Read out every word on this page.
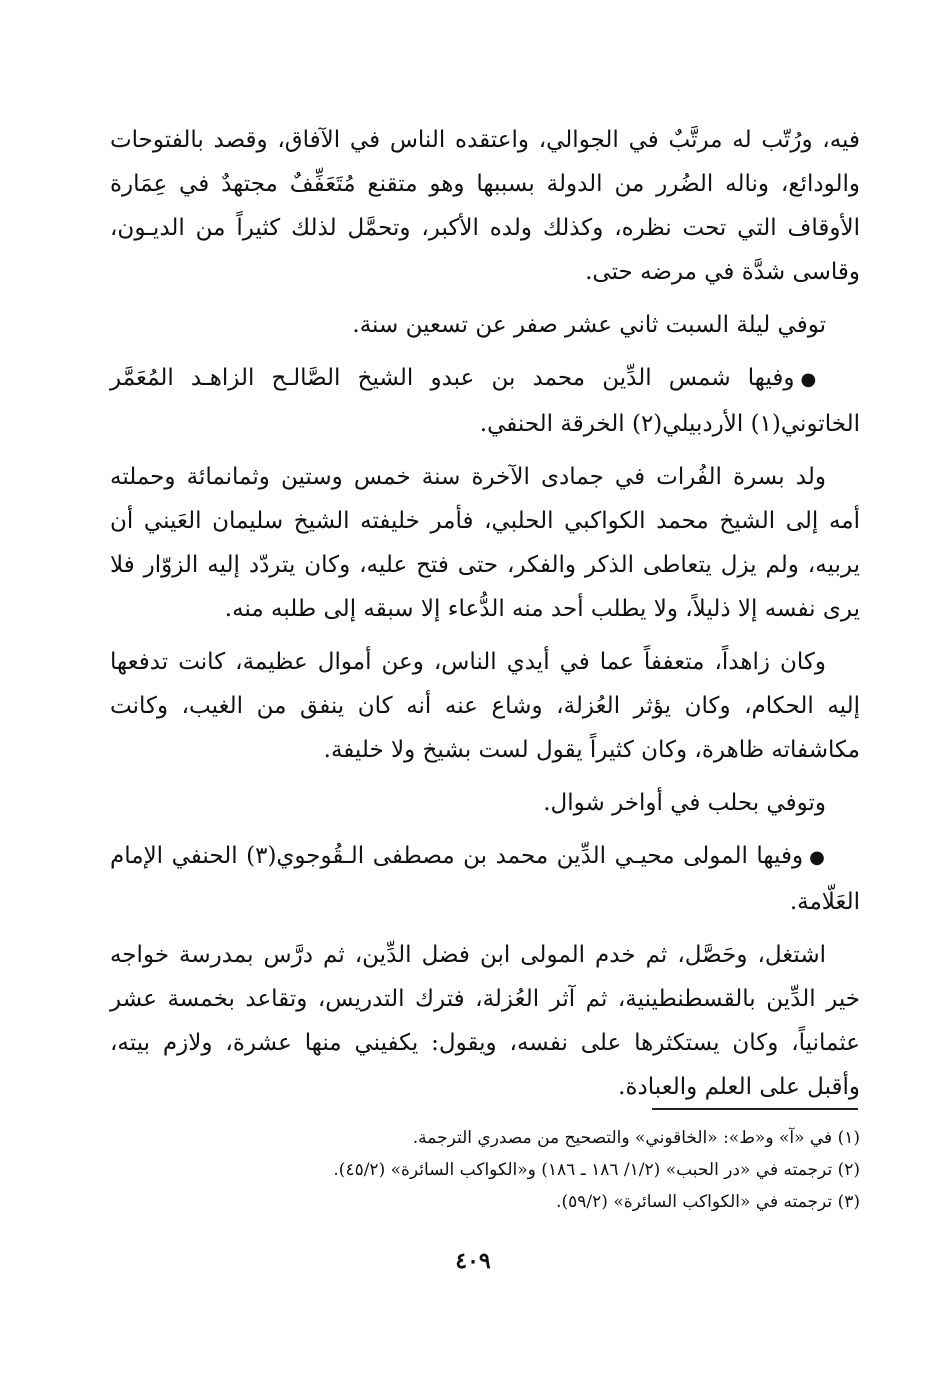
فيه، ورُتّب له مرتَّبٌ في الجوالي، واعتقده الناس في الآفاق، وقصد بالفتوحات والودائع، وناله الضُرر من الدولة بسببها وهو متقنع مُتَعَفِّفٌ مجتهدٌ في عِمَارة الأوقاف التي تحت نظره، وكذلك ولده الأكبر، وتحمَّل لذلك كثيراً من الديـون، وقاسى شدَّة في مرضه حتى.

توفي ليلة السبت ثاني عشر صفر عن تسعين سنة.

●وفيها شمس الدِّين محمد بن عبدو الشيخ الصَّالـح الزاهـد المُعَمَّر الخاتوني(١) الأردبيلي(٢) الخرقة الحنفي.

ولد بسرة الفُرات في جمادى الآخرة سنة خمس وستين وثمانمائة وحملته أمه إلى الشيخ محمد الكواكبي الحلبي، فأمر خليفته الشيخ سليمان العَيني أن يربيه، ولم يزل يتعاطى الذكر والفكر، حتى فتح عليه، وكان يتردّد إليه الزوّار فلا يرى نفسه إلا ذليلاً، ولا يطلب أحد منه الدُّعاء إلا سبقه إلى طلبه منه.

وكان زاهداً، متعففاً عما في أيدي الناس، وعن أموال عظيمة، كانت تدفعها إليه الحكام، وكان يؤثر العُزلة، وشاع عنه أنه كان ينفق من الغيب، وكانت مكاشفاته ظاهرة، وكان كثيراً يقول لست بشيخ ولا خليفة.

وتوفي بحلب في أواخر شوال.

●وفيها المولى محيـي الدِّين محمد بن مصطفى الـقُوجوي(٣) الحنفي الإمام العَلّامة.

اشتغل، وحَصَّل، ثم خدم المولى ابن فضل الدِّين، ثم درَّس بمدرسة خواجه خير الدِّين بالقسطنطينية، ثم آثر العُزلة، فترك التدريس، وتقاعد بخمسة عشر عثمانياً، وكان يستكثرها على نفسه، ويقول: يكفيني منها عشرة، ولازم بيته، وأقبل على العلم والعبادة.

(١) في «آ» و«ط»: «الخاقوني» والتصحيح من مصدري الترجمة.

(٢) ترجمته في «در الحبب» (١/٢/ ١٨٦ ـ ١٨٦) و«الكواكب السائرة» (٤٥/٢).

(٣) ترجمته في «الكواكب السائرة» (٥٩/٢).

٤٠٩
